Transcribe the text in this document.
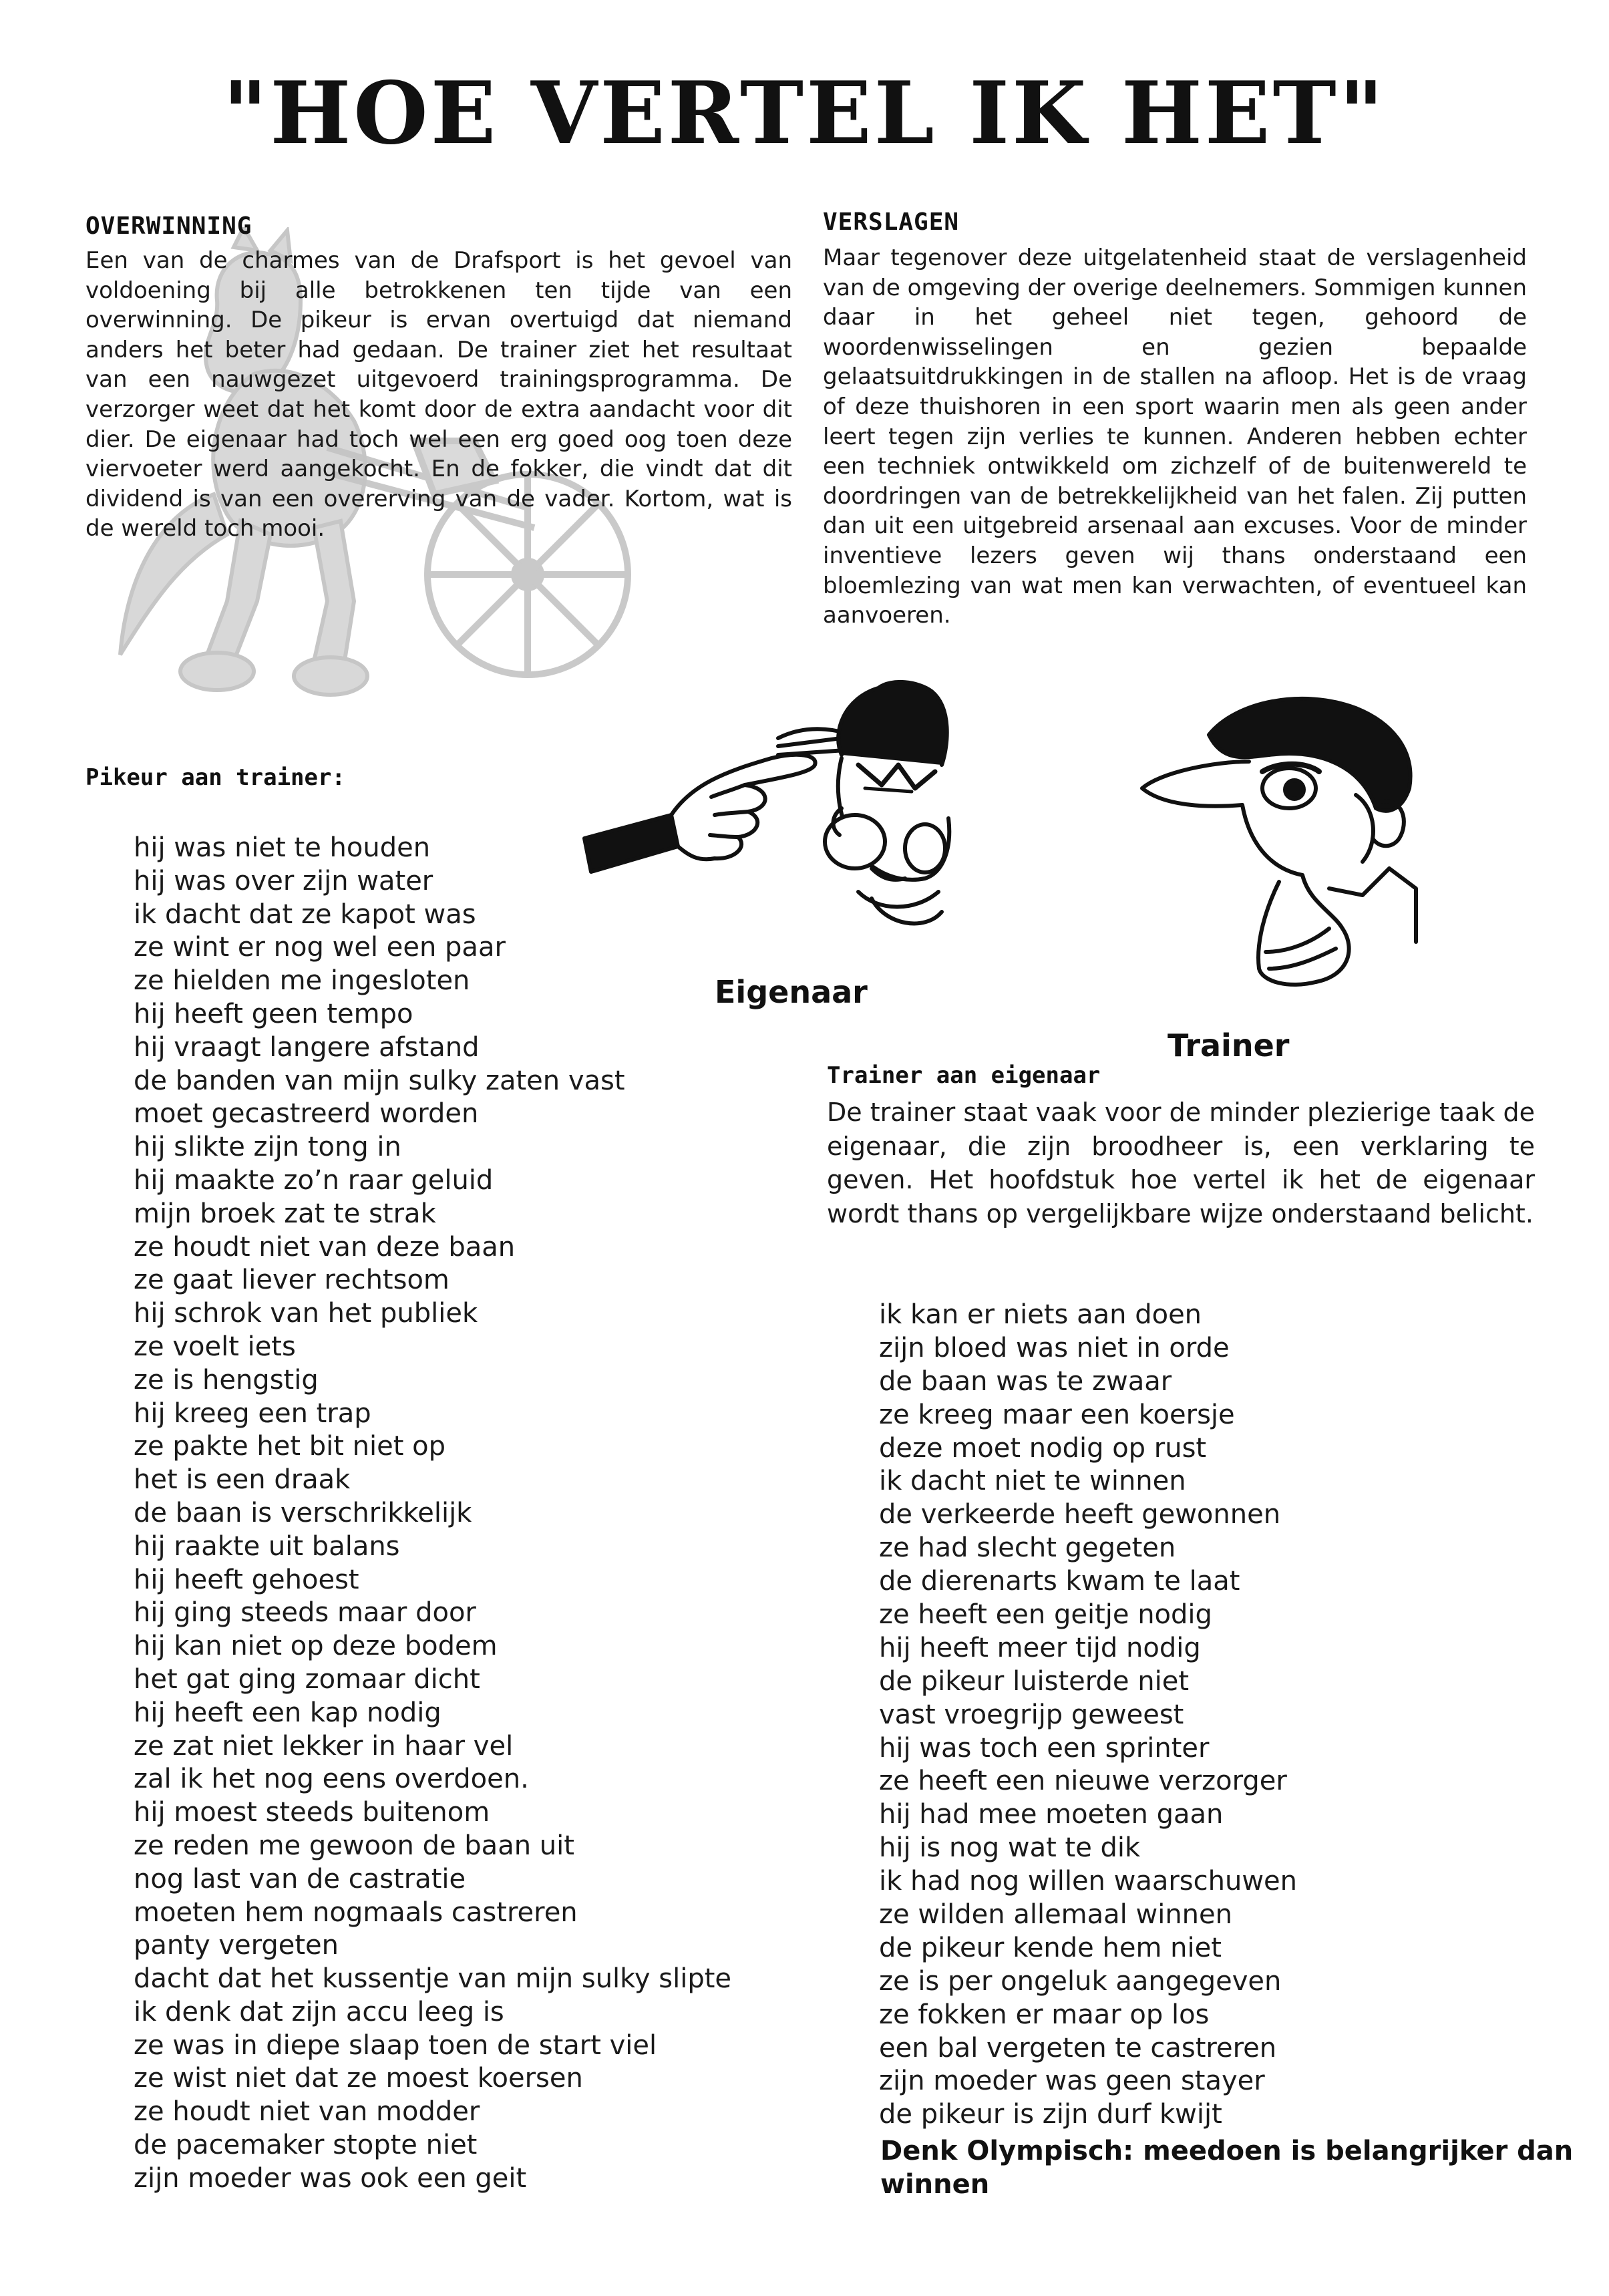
"HOE VERTEL IK HET"
OVERWINNING

Een van de charmes van de Drafsport is het gevoel van voldoening bij alle betrokkenen ten tijde van een overwinning. De pikeur is ervan overtuigd dat niemand anders het beter had gedaan. De trainer ziet het resultaat van een nauwgezet uitgevoerd trainingsprogramma. De verzorger weet dat het komt door de extra aandacht voor dit dier. De eigenaar had toch wel een erg goed oog toen deze viervoeter werd aangekocht. En de fokker, die vindt dat dit dividend is van een overerving van de vader. Kortom, wat is de wereld toch mooi.

VERSLAGEN

Maar tegenover deze uitgelatenheid staat de verslagenheid van de omgeving der overige deelnemers. Sommigen kunnen daar in het geheel niet tegen, gehoord de woordenwisselingen en gezien bepaalde gelaatsuitdrukkingen in de stallen na afloop. Het is de vraag of deze thuishoren in een sport waarin men als geen ander leert tegen zijn verlies te kunnen. Anderen hebben echter een techniek ontwikkeld om zichzelf of de buitenwereld te doordringen van de betrekkelijkheid van het falen. Zij putten dan uit een uitgebreid arsenaal aan excuses. Voor de minder inventieve lezers geven wij thans onderstaand een bloemlezing van wat men kan verwachten, of eventueel kan aanvoeren.

Eigenaar
Trainer
Pikeur aan trainer:
hij was niet te houden
hij was over zijn water
ik dacht dat ze kapot was
ze wint er nog wel een paar
ze hielden me ingesloten
hij heeft geen tempo
hij vraagt langere afstand
de banden van mijn sulky zaten vast
moet gecastreerd worden
hij slikte zijn tong in
hij maakte zo’n raar geluid
mijn broek zat te strak
ze houdt niet van deze baan
ze gaat liever rechtsom
hij schrok van het publiek
ze voelt iets
ze is hengstig
hij kreeg een trap
ze pakte het bit niet op
het is een draak
de baan is verschrikkelijk
hij raakte uit balans
hij heeft gehoest
hij ging steeds maar door
hij kan niet op deze bodem
het gat ging zomaar dicht
hij heeft een kap nodig
ze zat niet lekker in haar vel
zal ik het nog eens overdoen.
hij moest steeds buitenom
ze reden me gewoon de baan uit
nog last van de castratie
moeten hem nogmaals castreren
panty vergeten
dacht dat het kussentje van mijn sulky slipte
ik denk dat zijn accu leeg is
ze was in diepe slaap toen de start viel
ze wist niet dat ze moest koersen
ze houdt niet van modder
de pacemaker stopte niet
zijn moeder was ook een geit
Trainer aan eigenaar

De trainer staat vaak voor de minder plezierige taak de eigenaar, die zijn broodheer is, een verklaring te geven. Het hoofdstuk hoe vertel ik het de eigenaar wordt thans op vergelijkbare wijze onderstaand belicht.

ik kan er niets aan doen
zijn bloed was niet in orde
de baan was te zwaar
ze kreeg maar een koersje
deze moet nodig op rust
ik dacht niet te winnen
de verkeerde heeft gewonnen
ze had slecht gegeten
de dierenarts kwam te laat
ze heeft een geitje nodig
hij heeft meer tijd nodig
de pikeur luisterde niet
vast vroegrijp geweest
hij was toch een sprinter
ze heeft een nieuwe verzorger
hij had mee moeten gaan
hij is nog wat te dik
ik had nog willen waarschuwen
ze wilden allemaal winnen
de pikeur kende hem niet
ze is per ongeluk aangegeven
ze fokken er maar op los
een bal vergeten te castreren
zijn moeder was geen stayer
de pikeur is zijn durf kwijt
Denk Olympisch: meedoen is belangrijker dan winnen
